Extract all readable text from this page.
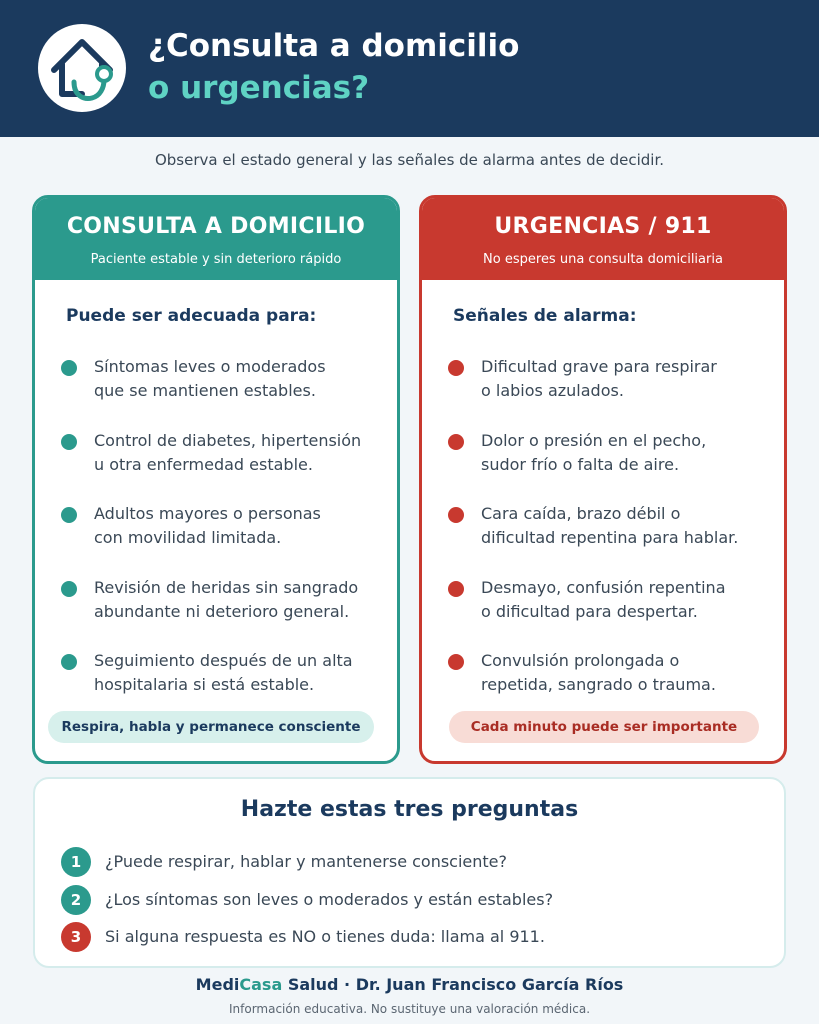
¿Consulta a domicilio
o urgencias?
Observa el estado general y las señales de alarma antes de decidir.
CONSULTA A DOMICILIO
Paciente estable y sin deterioro rápido
Puede ser adecuada para:
Síntomas leves o moderados
que se mantienen estables.
Control de diabetes, hipertensión
u otra enfermedad estable.
Adultos mayores o personas
con movilidad limitada.
Revisión de heridas sin sangrado
abundante ni deterioro general.
Seguimiento después de un alta
hospitalaria si está estable.
Respira, habla y permanece consciente
URGENCIAS / 911
No esperes una consulta domiciliaria
Señales de alarma:
Dificultad grave para respirar
o labios azulados.
Dolor o presión en el pecho,
sudor frío o falta de aire.
Cara caída, brazo débil o
dificultad repentina para hablar.
Desmayo, confusión repentina
o dificultad para despertar.
Convulsión prolongada o
repetida, sangrado o trauma.
Cada minuto puede ser importante
Hazte estas tres preguntas
1	¿Puede respirar, hablar y mantenerse consciente?
2	¿Los síntomas son leves o moderados y están estables?
3	Si alguna respuesta es NO o tienes duda: llama al 911.
MediCasa Salud · Dr. Juan Francisco García Ríos
Información educativa. No sustituye una valoración médica.
